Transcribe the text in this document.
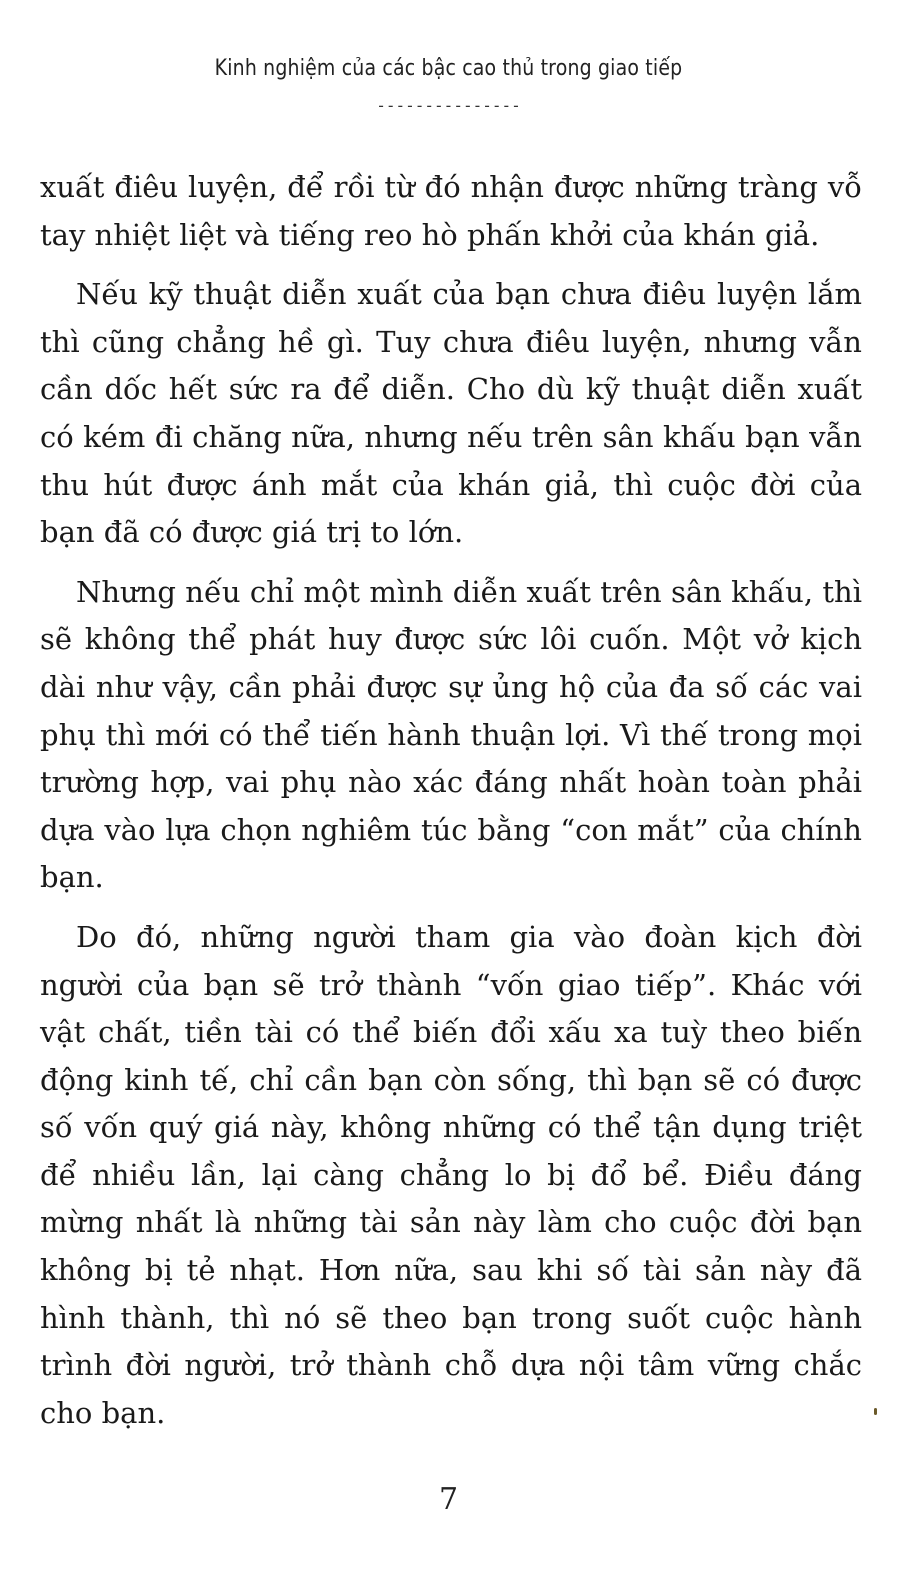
Kinh nghiệm của các bậc cao thủ trong giao tiếp
---------------

xuất điêu luyện, để rồi từ đó nhận được những tràng vỗ tay nhiệt liệt và tiếng reo hò phấn khởi của khán giả.

Nếu kỹ thuật diễn xuất của bạn chưa điêu luyện lắm thì cũng chẳng hề gì. Tuy chưa điêu luyện, nhưng vẫn cần dốc hết sức ra để diễn. Cho dù kỹ thuật diễn xuất có kém đi chăng nữa, nhưng nếu trên sân khấu bạn vẫn thu hút được ánh mắt của khán giả, thì cuộc đời của bạn đã có được giá trị to lớn.

Nhưng nếu chỉ một mình diễn xuất trên sân khấu, thì sẽ không thể phát huy được sức lôi cuốn. Một vở kịch dài như vậy, cần phải được sự ủng hộ của đa số các vai phụ thì mới có thể tiến hành thuận lợi. Vì thế trong mọi trường hợp, vai phụ nào xác đáng nhất hoàn toàn phải dựa vào lựa chọn nghiêm túc bằng “con mắt” của chính bạn.

Do đó, những người tham gia vào đoàn kịch đời người của bạn sẽ trở thành “vốn giao tiếp”. Khác với vật chất, tiền tài có thể biến đổi xấu xa tuỳ theo biến động kinh tế, chỉ cần bạn còn sống, thì bạn sẽ có được số vốn quý giá này, không những có thể tận dụng triệt để nhiều lần, lại càng chẳng lo bị đổ bể. Điều đáng mừng nhất là những tài sản này làm cho cuộc đời bạn không bị tẻ nhạt. Hơn nữa, sau khi số tài sản này đã hình thành, thì nó sẽ theo bạn trong suốt cuộc hành trình đời người, trở thành chỗ dựa nội tâm vững chắc cho bạn.

7
